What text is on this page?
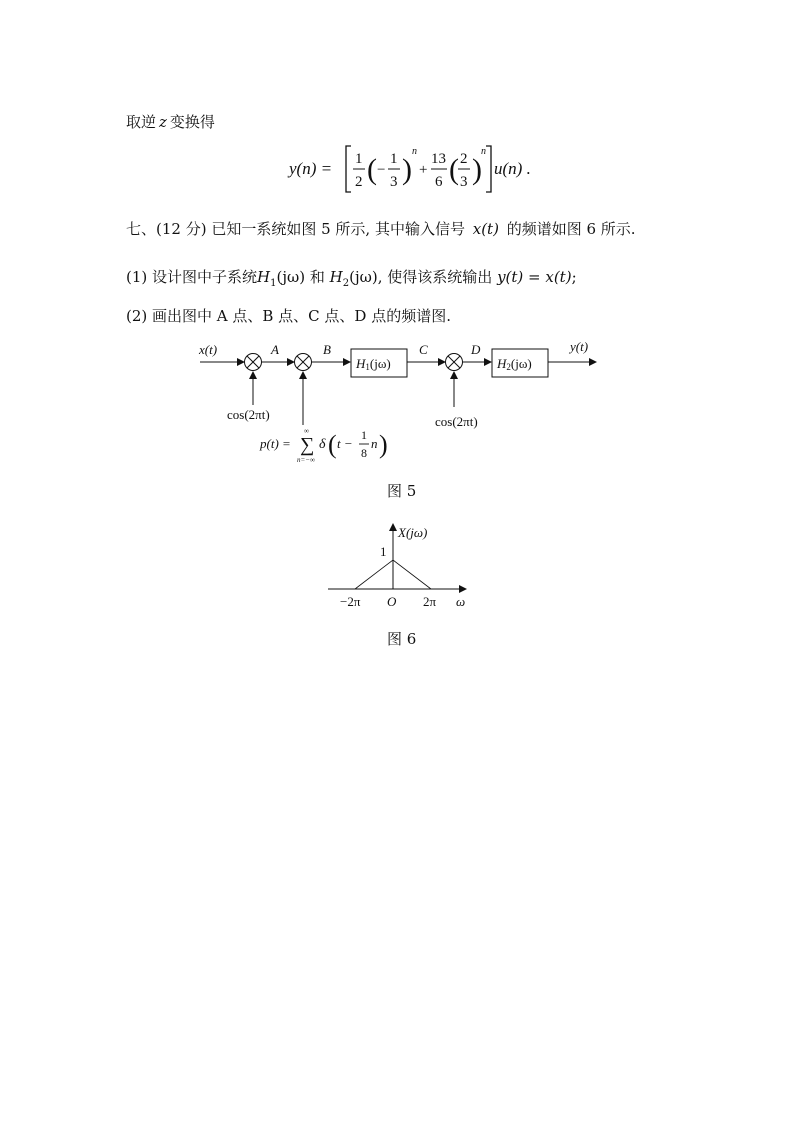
取逆 z 变换得
y(n) = 1
2 ( −
1
3 )
n
+
13
6 ( 2
3 )
n
u(n) .
七、(12 分) 已知一系统如图 5 所示, 其中输入信号 x(t) 的频谱如图 6 所示.
(1) 设计图中子系统$H_1(j\omega)$ 和 $H_2(j\omega)$, 使得该系统输出 y(t) = x(t);
(2) 画出图中 A 点、B 点、C 点、D 点的频谱图.
x(t)
cos(2πt)
A	B
H1(jω)
C
cos(2πt)
D
H2(jω)
y(t)
p(t) =
∞
∑
n=−∞
δ ( t −
1
8
n )
图 5
X(jω)
1
−2π O 2π ω
图 6
